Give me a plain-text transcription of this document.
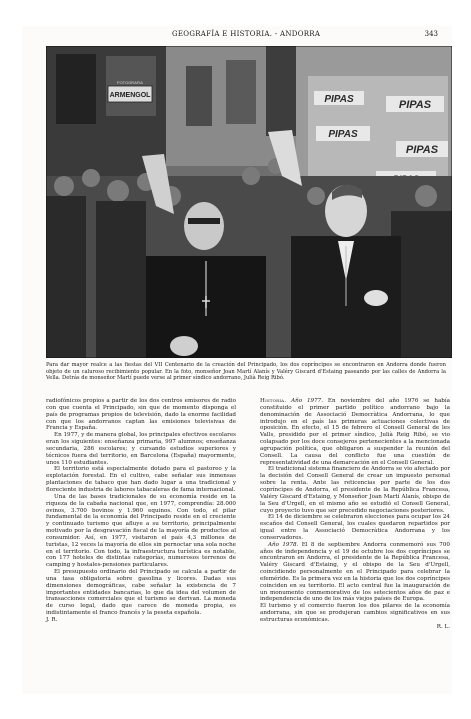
GEOGRAFÍA E HISTORIA. - ANDORRA	343
ARMENGOL
FOTOGRAFIA
PIPAS	PIPAS
PIPAS
PIPAS
Para dar mayor realce a las fiestas del VII Centenario de la creación del Principado, los dos copríncipes se encontraron en Andorra donde fueron objeto de un caluroso recibimiento popular. En la foto, monseñor Joan Martí Alanís y Valéry Giscard d'Estaing paseando por las calles de Andorra la Vella. Detrás de monseñor Martí puede verse al primer síndico andorrano, Julià Reig Ribó.

radiofónicos propios a partir de los dos centros emisores de radio con que cuenta el Principado, sin que de momento disponga el país de programas propios de televisión, dado la enorme facilidad con que los andorranos captan las emisiones televisivas de Francia y España.

En 1977, y de manera global, los principales efectivos escolares eran los siguientes: enseñanza primaria, 997 alumnos; enseñanza secundaria, 286 escolares; y cursando estudios superiores y técnicos fuera del territorio, en Barcelona (España) mayormente, unos 110 estudiantes.

El territorio está especialmente dotado para el pastoreo y la explotación forestal. En el cultivo, cabe señalar sus inmensas plantaciones de tabaco que han dado lugar a una tradicional y floreciente industria de labores tabacaleras de fama internacional.

Una de las bases tradicionales de su economía reside en la riqueza de la cabaña nacional que, en 1977, comprendía: 28.000 ovinos, 3.700 bovinos y 1.960 equinos. Con todo, el pilar fundamental de la economía del Principado reside en el creciente y continuado turismo que afluye a su territorio, principalmente motivado por la desgravación fiscal de la mayoría de productos al consumidor. Así, en 1977, visitaron el país 4,3 millones de turistas, 12 veces la mayoría de ellos sin pernoctar una sola noche en el territorio. Con todo, la infraestructura turística es notable, con 177 hoteles de distintas categorías, numerosos terrenos de camping y hostales-pensiones particulares.

El presupuesto ordinario del Principado se calcula a partir de una tasa obligatoria sobre gasolina y licores. Dadas sus dimensiones demográficas, cabe señalar la existencia de 7 importantes entidades bancarias, lo que da idea del volumen de transacciones comerciales que el turismo se derivan. La moneda de curso legal, dado que carece de moneda propia, es indistintamente el franco francés y la peseta española.

J. R.

Historia. Año 1977. En noviembre del año 1976 se había constituido el primer partido político andorrano bajo la denominación de Associació Democràtica Andorrana, lo que introdujo en el país las primeras actuaciones colectivas de oposición. En efecto, el 15 de febrero el Consell General de les Valls, presidido por el primer síndico, Julià Reig Ribó, se vio colapsado por los doce consejeros pertenecientes a la mencionada agrupación política, que obligaron a suspender la reunión del Consell. La causa del conflicto fue una cuestión de representatividad de una demarcación en el Consell General.

El tradicional sistema financiero de Andorra se vio afectado por la decisión del Consell General de crear un impuesto personal sobre la renta. Ante las reticencias por parte de los dos copríncipes de Andorra, el presidente de la República Francesa, Valéry Giscard d'Estaing, y Monseñor Joan Martí Alanís, obispo de la Seu d'Urgell, en el mismo año se estudió el Consell General, cuyo proyecto tuvo que ser precedido negociaciones posteriores.

El 14 de diciembre se celebraron elecciones para ocupar los 24 escaños del Consell General, los cuales quedaron repartidos por igual entre la Associació Democràtica Andorrana y los conservadores.

Año 1978. El 8 de septiembre Andorra conmemoró sus 700 años de independencia y el 19 de octubre los dos copríncipes se encontraron en Andorra, el presidente de la República Francesa, Valéry Giscard d'Estaing, y el obispo de la Seu d'Urgell, coincidiendo personalmente en el Principado para celebrar la efeméride. Es la primera vez en la historia que los dos copríncipes coinciden en su territorio. El acto central fue la inauguración de un monumento conmemorativo de los setecientos años de paz e independencia de uno de los más viejos países de Europa.

El turismo y el comercio fueron los dos pilares de la economía andorrana, sin que se produjeran cambios significativos en sus estructuras económicas.

R. L.
